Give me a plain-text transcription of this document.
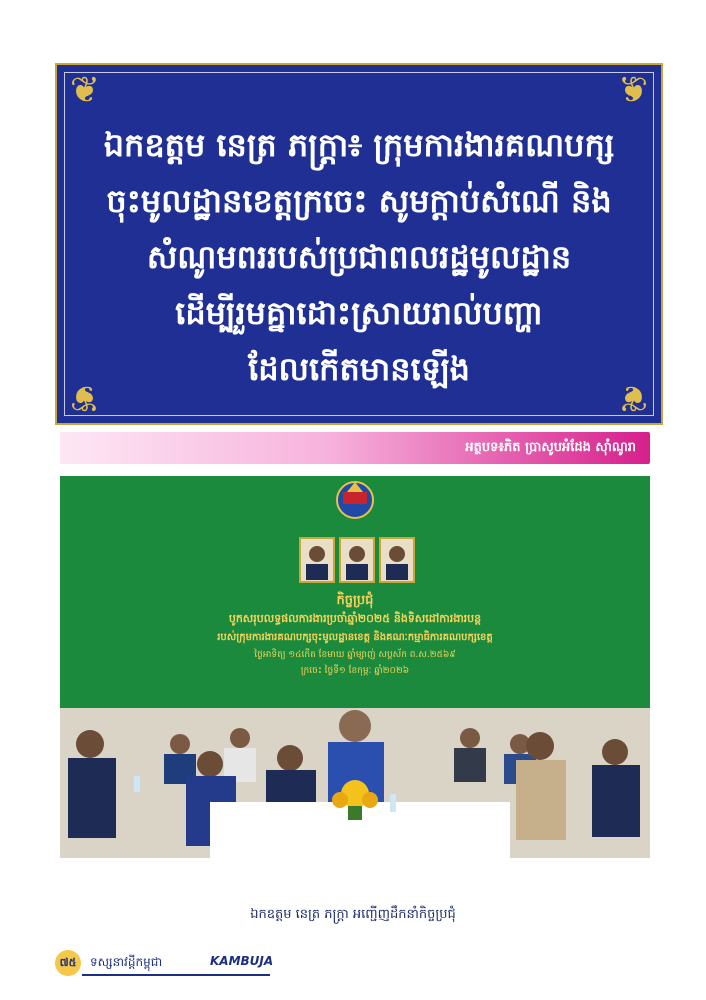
❦	❦
❦	❦
ឯកឧត្តម នេត្រ ភក្ត្រា៖ ក្រុមការងារគណបក្ស
ចុះមូលដ្ឋានខេត្តក្រចេះ សូមក្តាប់សំណើ និង
សំណូមពររបស់ប្រជាពលរដ្ឋមូលដ្ឋាន
ដើម្បីរួមគ្នាដោះស្រាយរាល់បញ្ហា
ដែលកើតមានឡើង
អត្ថបទ៖ភិត ប្រាសូបអំដែង ស៊ាំណូរា
កិច្ចប្រជុំ
បូកសរុបលទ្ធផលការងារប្រចាំឆ្នាំ២០២៥ និងទិសដៅការងារបន្ត
របស់ក្រុមការងារគណបក្សចុះមូលដ្ឋានខេត្ត និងគណៈកម្មាធិការគណបក្សខេត្ត
ថ្ងៃអាទិត្យ ១៤កើត ខែមាឃ ឆ្នាំម្សាញ់ សប្តស័ក ព.ស.២៥៦៩
ក្រចេះ ថ្ងៃទី១ ខែកុម្ភៈ ឆ្នាំ២០២៦
ឯកឧត្តម នេត្រ ភក្ត្រា អញ្ជើញដឹកនាំកិច្ចប្រជុំ
៧៥	ទស្សនាវដ្តីកម្ពុជា	KAMBUJA
